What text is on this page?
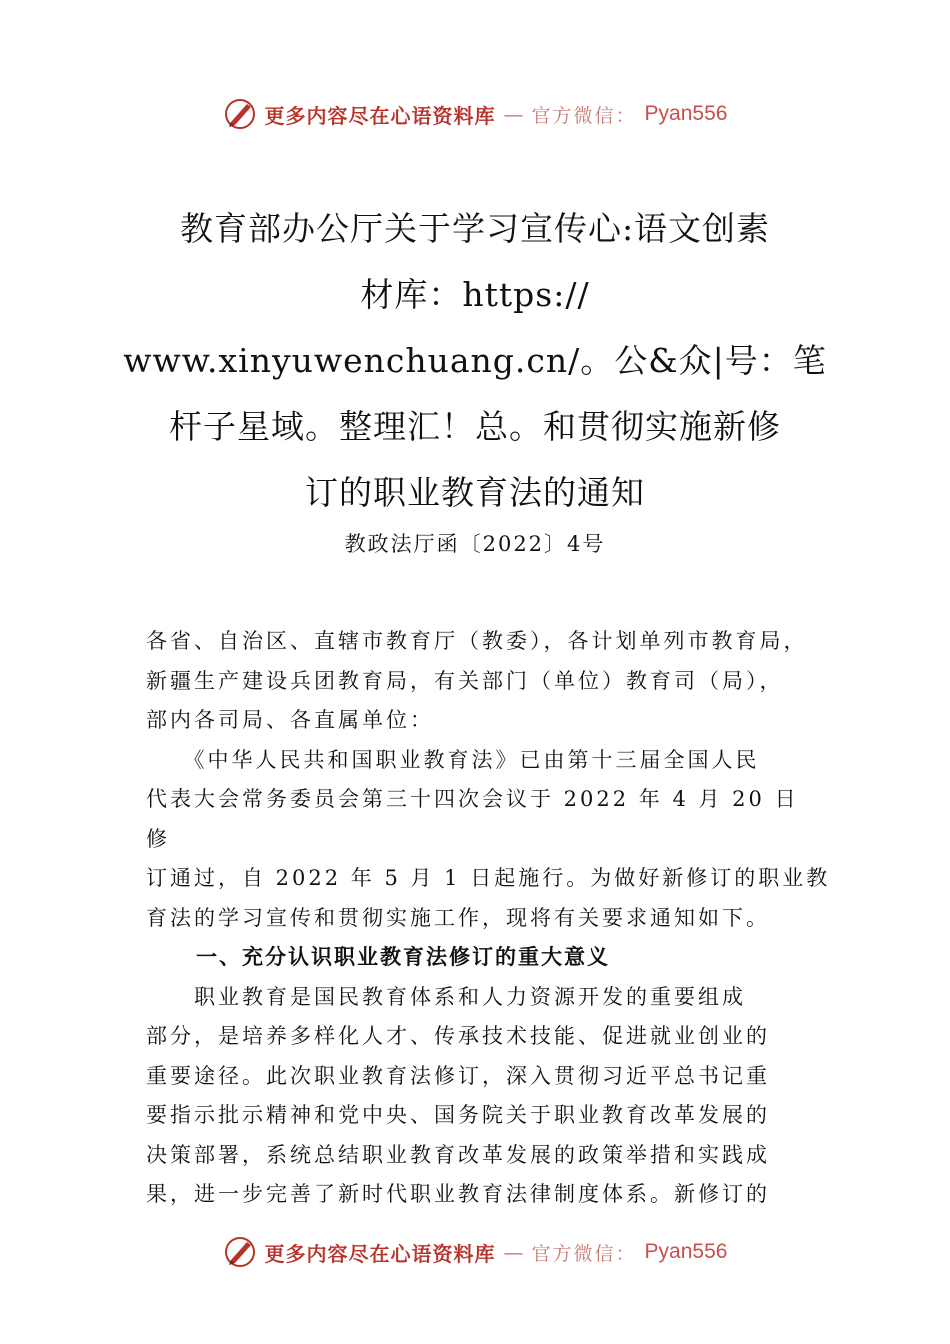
更多内容尽在心语资料库 — 官方微信： Pyan556
教育部办公厅关于学习宣传心:语文创素
材库：https://
www.xinyuwenchuang.cn/。公&众|号：笔
杆子星域。整理汇！总。和贯彻实施新修
订的职业教育法的通知
教政法厅函〔2022〕4号
各省、自治区、直辖市教育厅（教委），各计划单列市教育局，
新疆生产建设兵团教育局，有关部门（单位）教育司（局），
部内各司局、各直属单位：
　　《中华人民共和国职业教育法》已由第十三届全国人民
代表大会常务委员会第三十四次会议于 2022 年 4 月 20 日
修
订通过，自 2022 年 5 月 1 日起施行。为做好新修订的职业教
育法的学习宣传和贯彻实施工作，现将有关要求通知如下。
一、充分认识职业教育法修订的重大意义
　　职业教育是国民教育体系和人力资源开发的重要组成
部分，是培养多样化人才、传承技术技能、促进就业创业的
重要途径。此次职业教育法修订，深入贯彻习近平总书记重
要指示批示精神和党中央、国务院关于职业教育改革发展的
决策部署，系统总结职业教育改革发展的政策举措和实践成
果，进一步完善了新时代职业教育法律制度体系。新修订的
更多内容尽在心语资料库 — 官方微信： Pyan556
